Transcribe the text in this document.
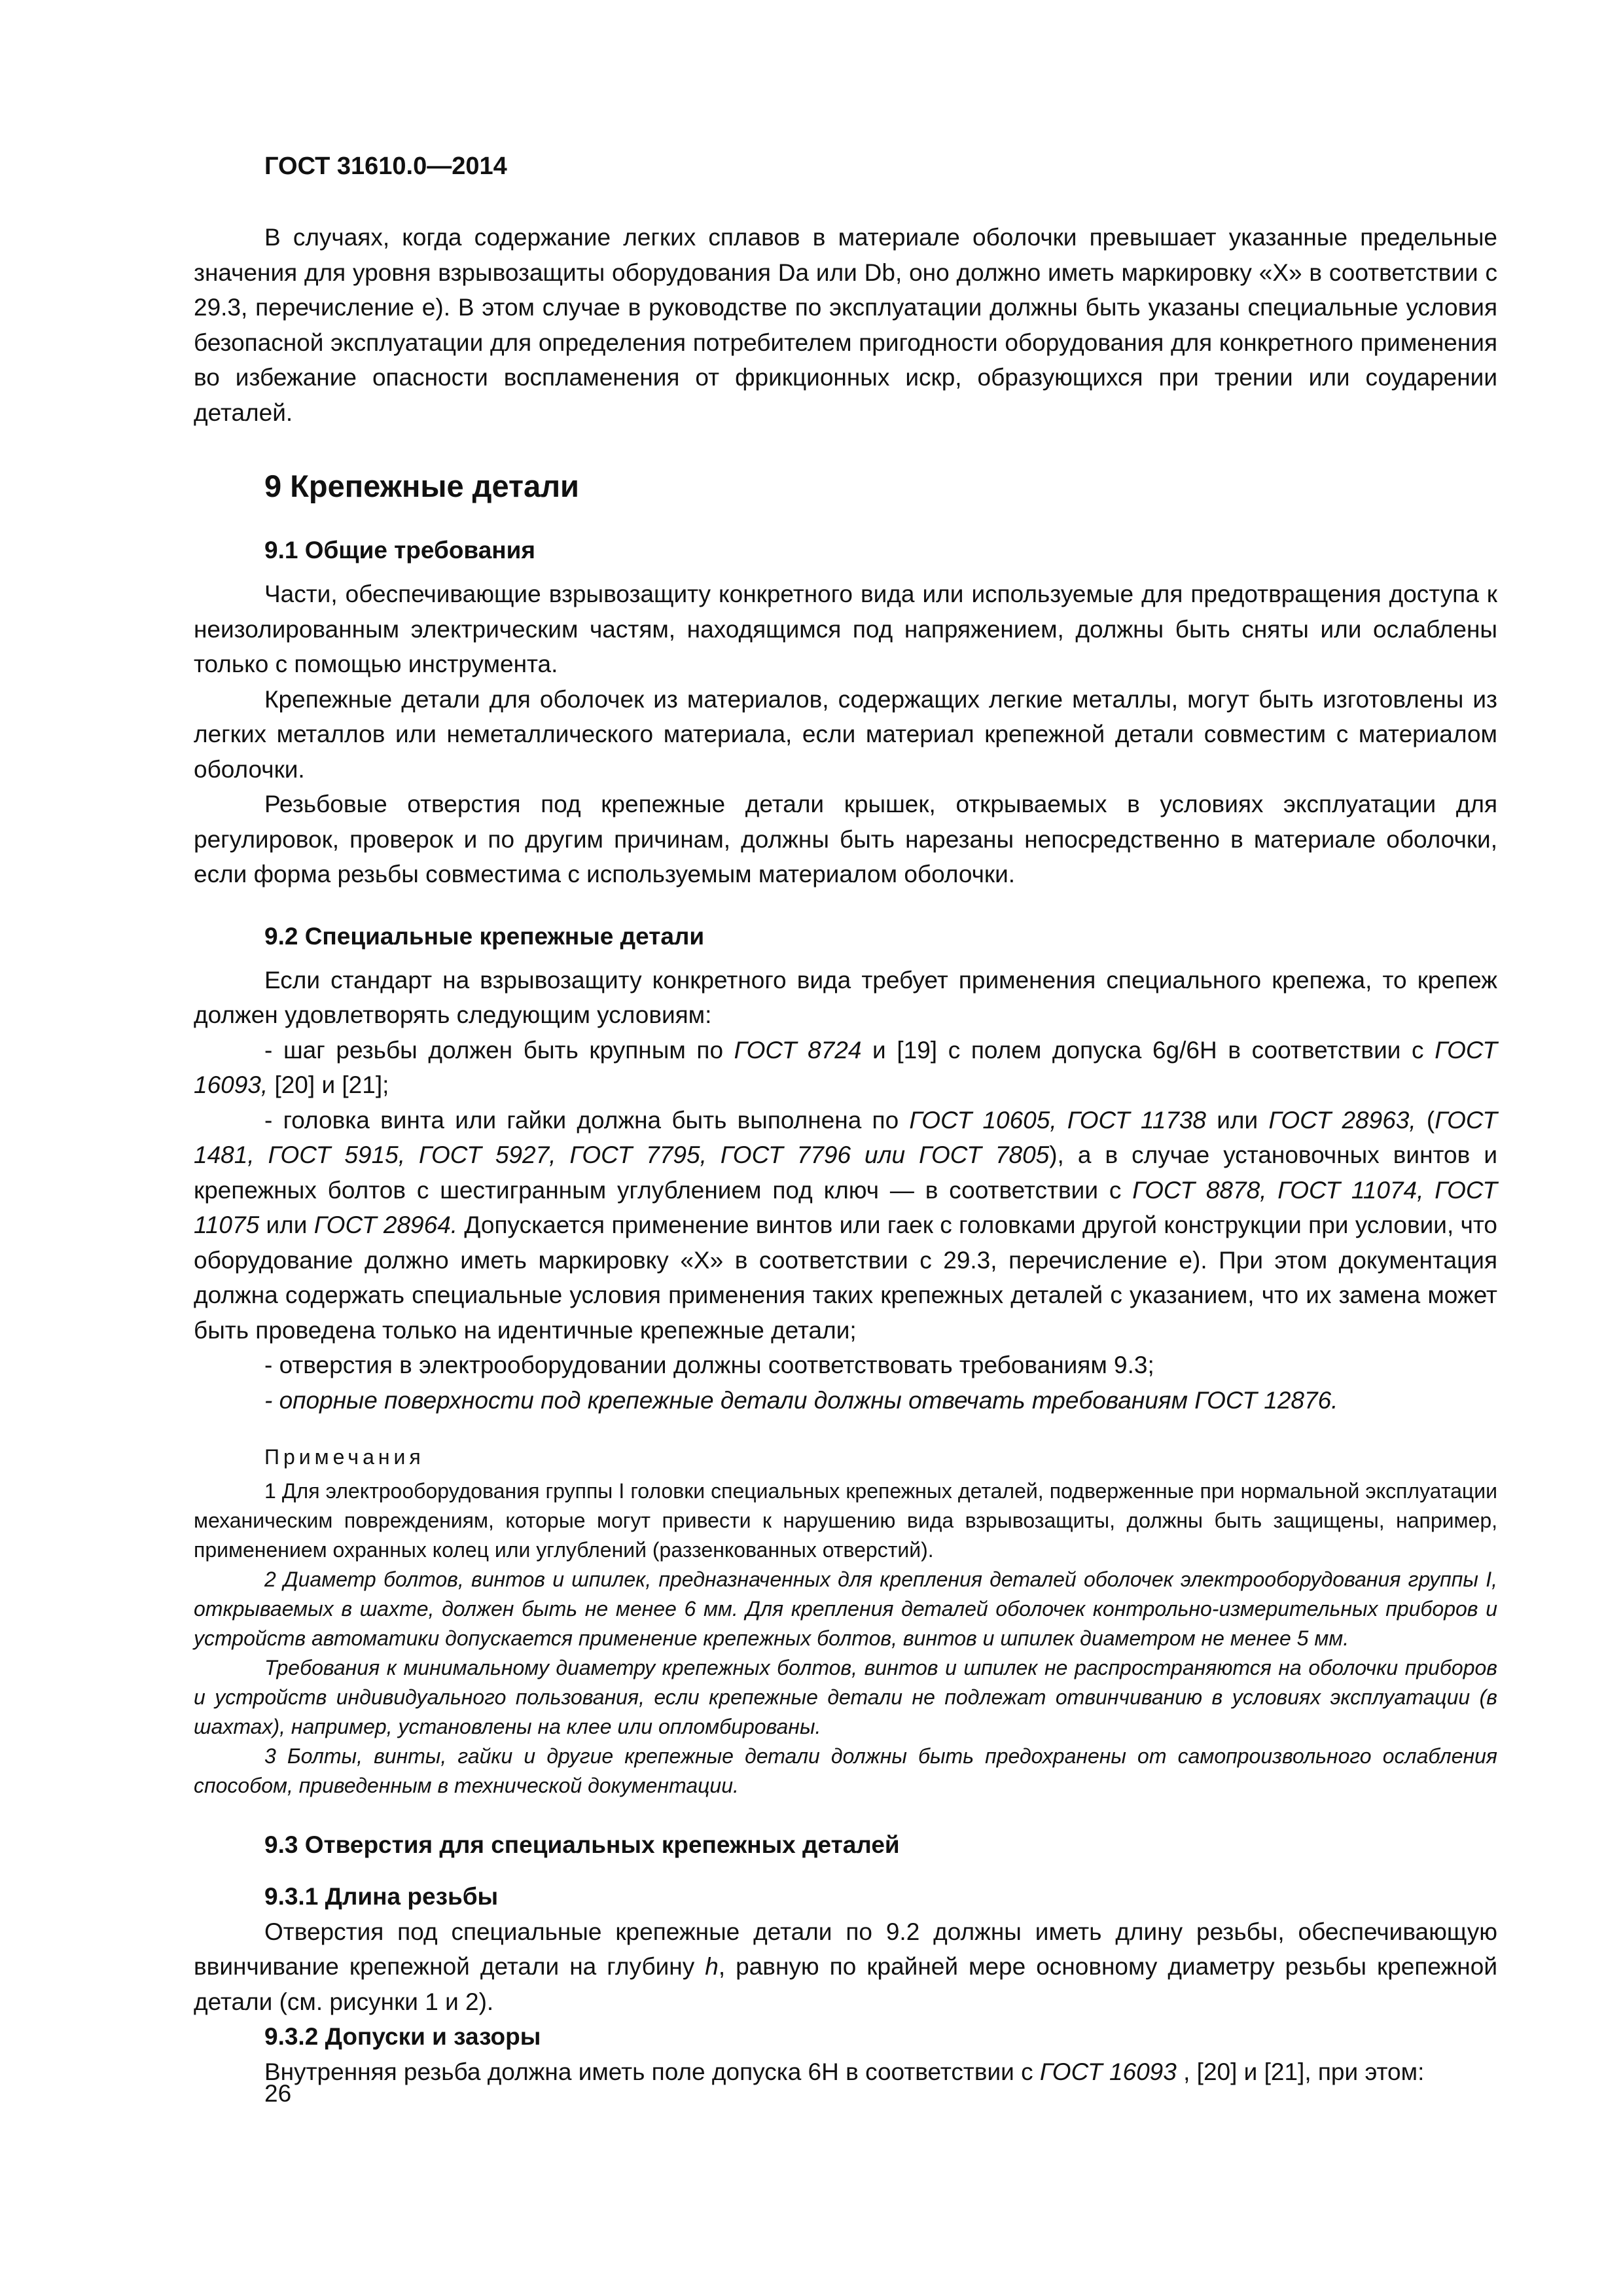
ГОСТ 31610.0—2014

В случаях, когда содержание легких сплавов в материале оболочки превышает указанные предельные значения для уровня взрывозащиты оборудования Da или Db, оно должно иметь маркировку «X» в соответствии с 29.3, перечисление е). В этом случае в руководстве по эксплуатации должны быть указаны специальные условия безопасной эксплуатации для определения потребителем пригодности оборудования для конкретного применения во избежание опасности воспламенения от фрикционных искр, образующихся при трении или соударении деталей.

9 Крепежные детали
9.1 Общие требования

Части, обеспечивающие взрывозащиту конкретного вида или используемые для предотвращения доступа к неизолированным электрическим частям, находящимся под напряжением, должны быть сняты или ослаблены только с помощью инструмента.

Крепежные детали для оболочек из материалов, содержащих легкие металлы, могут быть изготовлены из легких металлов или неметаллического материала, если материал крепежной детали совместим с материалом оболочки.

Резьбовые отверстия под крепежные детали крышек, открываемых в условиях эксплуатации для регулировок, проверок и по другим причинам, должны быть нарезаны непосредственно в материале оболочки, если форма резьбы совместима с используемым материалом оболочки.

9.2 Специальные крепежные детали

Если стандарт на взрывозащиту конкретного вида требует применения специального крепежа, то крепеж должен удовлетворять следующим условиям:

- шаг резьбы должен быть крупным по ГОСТ 8724 и [19] с полем допуска 6g/6H в соответствии с ГОСТ 16093, [20] и [21];

- головка винта или гайки должна быть выполнена по ГОСТ 10605, ГОСТ 11738 или ГОСТ 28963, (ГОСТ 1481, ГОСТ 5915, ГОСТ 5927, ГОСТ 7795, ГОСТ 7796 или ГОСТ 7805), а в случае установочных винтов и крепежных болтов с шестигранным углублением под ключ — в соответствии с ГОСТ 8878, ГОСТ 11074, ГОСТ 11075 или ГОСТ 28964. Допускается применение винтов или гаек с головками другой конструкции при условии, что оборудование должно иметь маркировку «X» в соответствии с 29.3, перечисление е). При этом документация должна содержать специальные условия применения таких крепежных деталей с указанием, что их замена может быть проведена только на идентичные крепежные детали;

- отверстия в электрооборудовании должны соответствовать требованиям 9.3;

- опорные поверхности под крепежные детали должны отвечать требованиям ГОСТ 12876.

Примечания

1 Для электрооборудования группы I головки специальных крепежных деталей, подверженные при нормальной эксплуатации механическим повреждениям, которые могут привести к нарушению вида взрывозащиты, должны быть защищены, например, применением охранных колец или углублений (раззенкованных отверстий).

2 Диаметр болтов, винтов и шпилек, предназначенных для крепления деталей оболочек электрооборудования группы I, открываемых в шахте, должен быть не менее 6 мм. Для крепления деталей оболочек контрольно-измерительных приборов и устройств автоматики допускается применение крепежных болтов, винтов и шпилек диаметром не менее 5 мм.

Требования к минимальному диаметру крепежных болтов, винтов и шпилек не распространяются на оболочки приборов и устройств индивидуального пользования, если крепежные детали не подлежат отвинчиванию в условиях эксплуатации (в шахтах), например, установлены на клее или опломбированы.

3 Болты, винты, гайки и другие крепежные детали должны быть предохранены от самопроизвольного ослабления способом, приведенным в технической документации.

9.3 Отверстия для специальных крепежных деталей
9.3.1 Длина резьбы

Отверстия под специальные крепежные детали по 9.2 должны иметь длину резьбы, обеспечивающую ввинчивание крепежной детали на глубину h, равную по крайней мере основному диаметру резьбы крепежной детали (см. рисунки 1 и 2).

9.3.2 Допуски и зазоры

Внутренняя резьба должна иметь поле допуска 6H в соответствии с ГОСТ 16093 , [20] и [21], при этом:

26
